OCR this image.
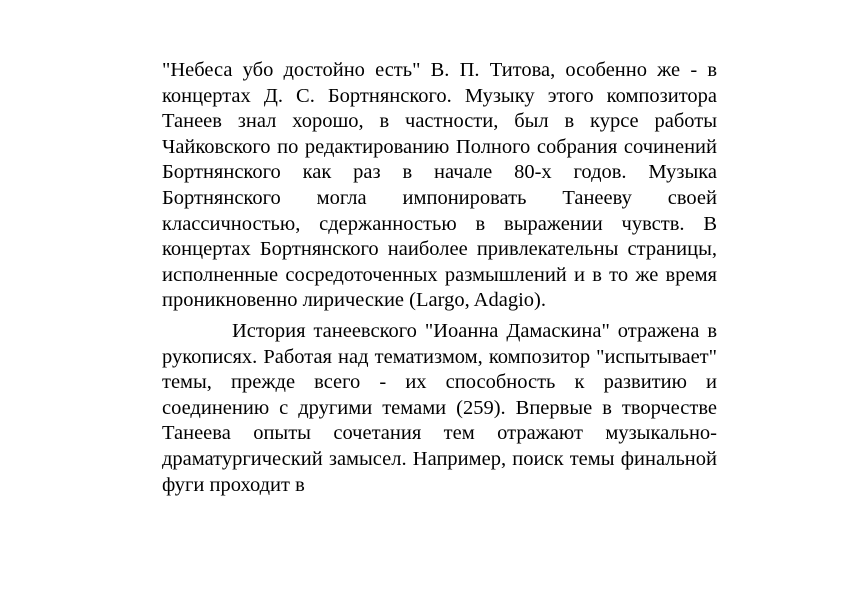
"Небеса убо достойно есть" В. П. Титова, особенно же - в концертах Д. С. Бортнянского. Музыку этого композитора Танеев знал хорошо, в частности, был в курсе работы Чайковского по редактированию Полного собрания сочинений Бортнянского как раз в начале 80-х годов. Музыка Бортнянского могла импонировать Танееву своей классичностью, сдержанностью в выражении чувств. В концертах Бортнянского наиболее привлекательны страницы, исполненные сосредоточенных размышлений и в то же время проникновенно лирические (Largo, Adagio).

История танеевского "Иоанна Дамаскина" отражена в рукописях. Работая над тематизмом, композитор "испытывает" темы, прежде всего - их способность к развитию и соединению с другими темами (259). Впервые в творчестве Танеева опыты сочетания тем отражают музыкально-драматургический замысел. Например, поиск темы финальной фуги проходит в
